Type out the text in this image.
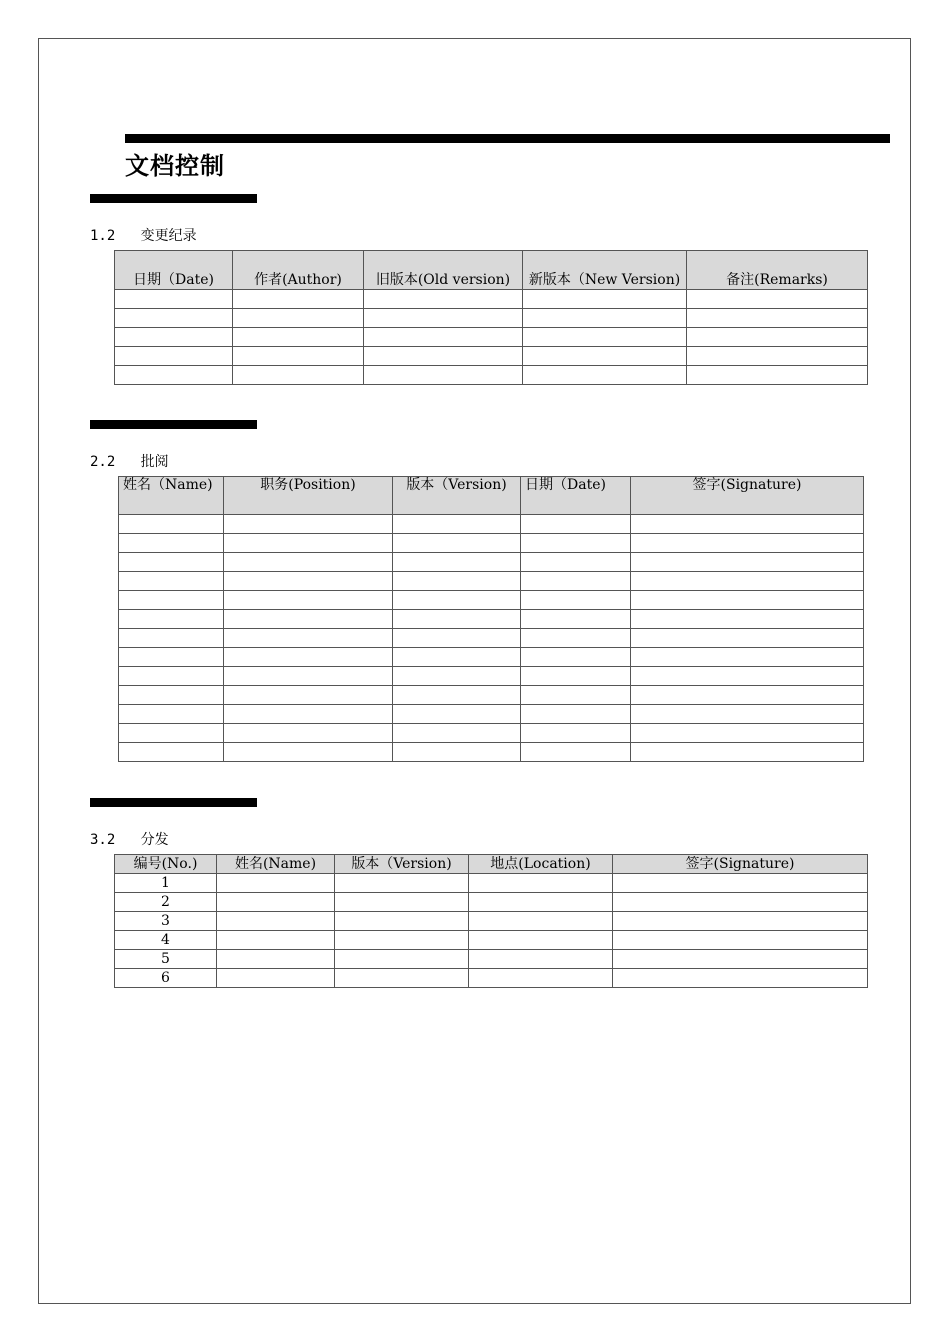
文档控制
1.2   变更纪录
日期（Date)	作者(Author)	旧版本(Old version)	新版本（New Version)	备注(Remarks)

2.2   批阅
姓名（Name)	职务(Position)	版本（Version)	日期（Date)	签字(Signature)

3.2   分发
编号(No.)	姓名(Name)	版本（Version)	地点(Location)	签字(Signature)
1				
2				
3				
4				
5				
6				
